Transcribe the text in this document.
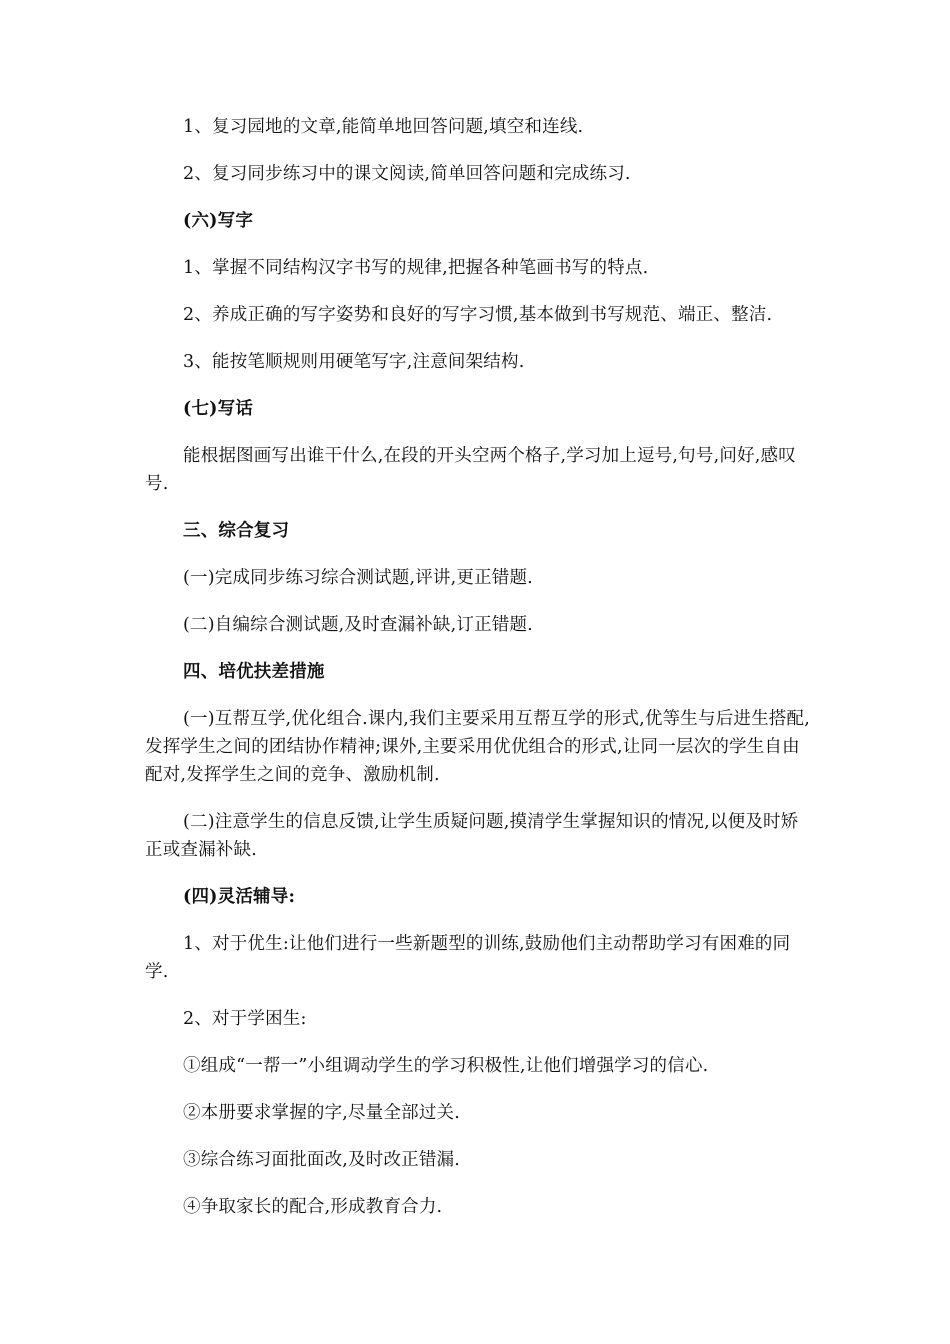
1、复习园地的文章,能简单地回答问题,填空和连线.

2、复习同步练习中的课文阅读,简单回答问题和完成练习.

(六)写字

1、掌握不同结构汉字书写的规律,把握各种笔画书写的特点.

2、养成正确的写字姿势和良好的写字习惯,基本做到书写规范、端正、整洁.

3、能按笔顺规则用硬笔写字,注意间架结构.

(七)写话

能根据图画写出谁干什么,在段的开头空两个格子,学习加上逗号,句号,问好,感叹号.

三、综合复习

(一)完成同步练习综合测试题,评讲,更正错题.

(二)自编综合测试题,及时查漏补缺,订正错题.

四、培优扶差措施

(一)互帮互学,优化组合.课内,我们主要采用互帮互学的形式,优等生与后进生搭配,发挥学生之间的团结协作精神;课外,主要采用优优组合的形式,让同一层次的学生自由配对,发挥学生之间的竞争、激励机制.

(二)注意学生的信息反馈,让学生质疑问题,摸清学生掌握知识的情况,以便及时矫正或查漏补缺.

(四)灵活辅导:

1、对于优生:让他们进行一些新题型的训练,鼓励他们主动帮助学习有困难的同学.

2、对于学困生:

①组成“一帮一”小组调动学生的学习积极性,让他们增强学习的信心.

②本册要求掌握的字,尽量全部过关.

③综合练习面批面改,及时改正错漏.

④争取家长的配合,形成教育合力.
